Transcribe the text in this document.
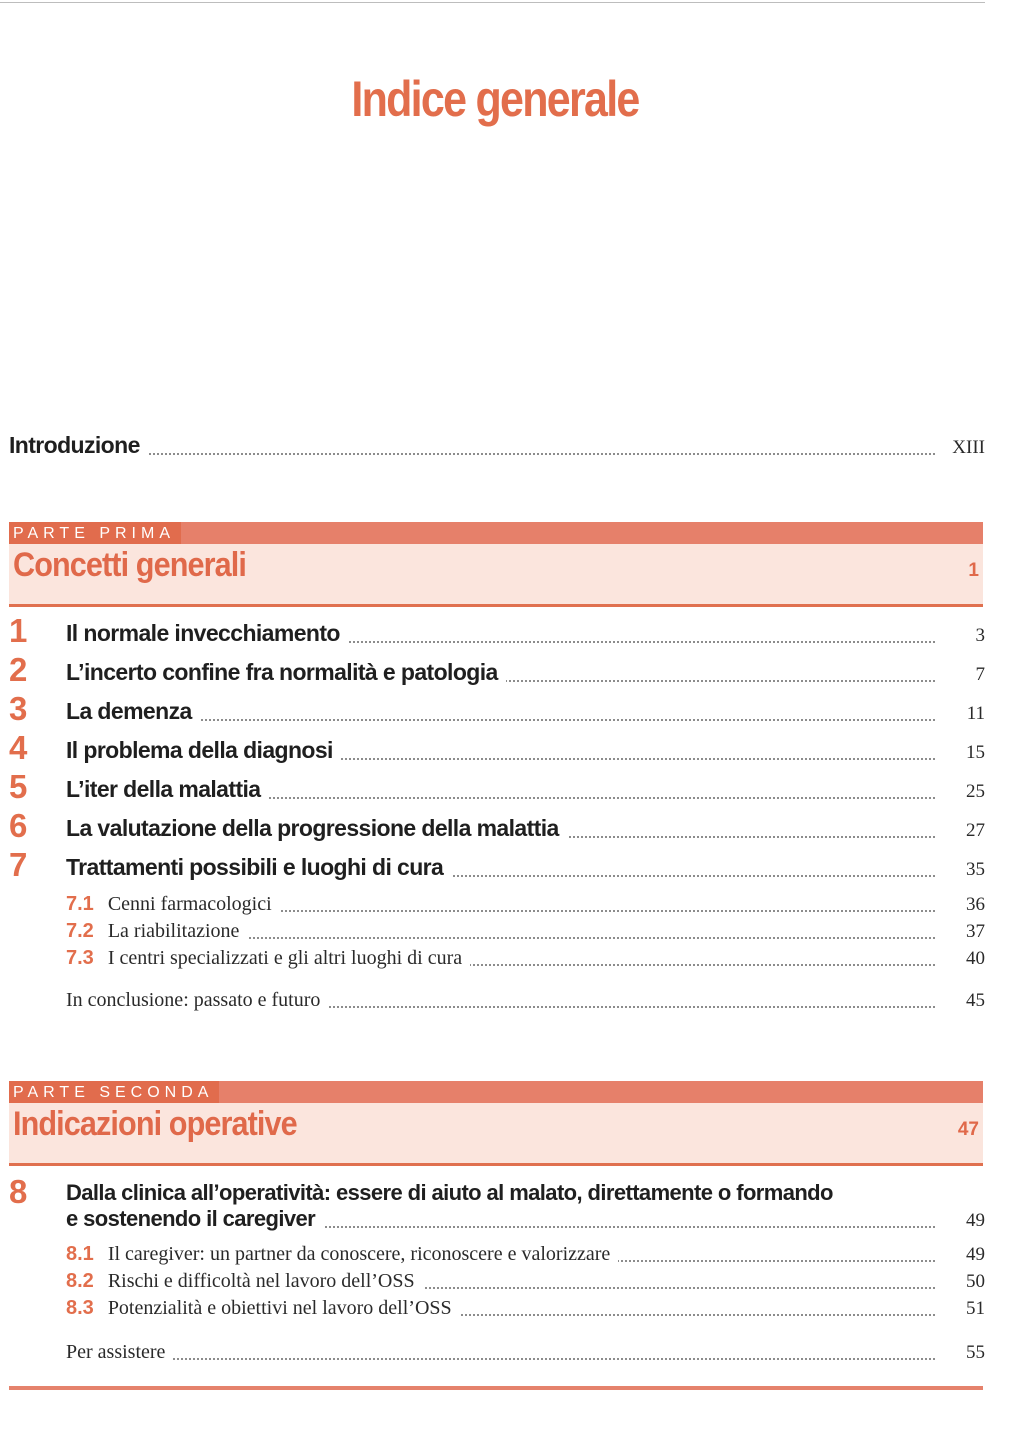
Indice generale
Introduzione	XIII
PARTE PRIMA
Concetti generali	1
1 Il normale invecchiamento	3
2 L’incerto confine fra normalità e patologia	7
3 La demenza	11
4 Il problema della diagnosi	15
5 L’iter della malattia	25
6 La valutazione della progressione della malattia	27
7 Trattamenti possibili e luoghi di cura	35
7.1 Cenni farmacologici	36
7.2 La riabilitazione	37
7.3 I centri specializzati e gli altri luoghi di cura	40
In conclusione: passato e futuro	45
PARTE SECONDA
Indicazioni operative	47
8 Dalla clinica all’operatività: essere di aiuto al malato, direttamente o formando
e sostenendo il caregiver	49
8.1 Il caregiver: un partner da conoscere, riconoscere e valorizzare	49
8.2 Rischi e difficoltà nel lavoro dell’OSS	50
8.3 Potenzialità e obiettivi nel lavoro dell’OSS	51
Per assistere	55
